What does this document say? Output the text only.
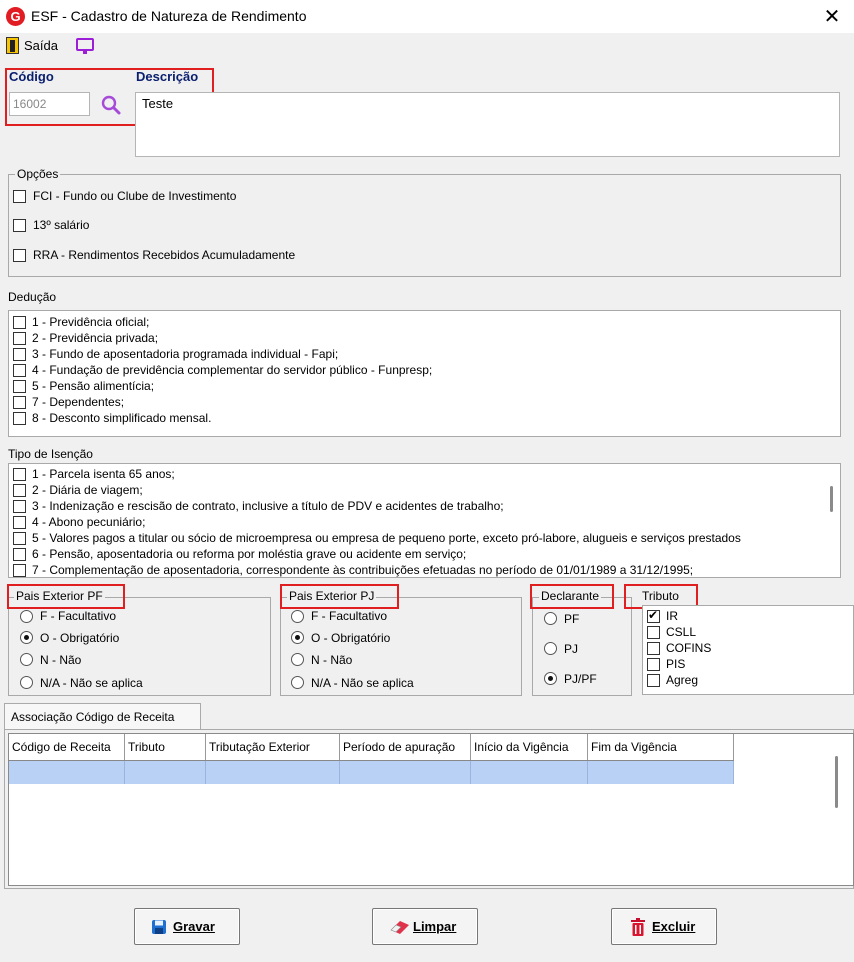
G ESF - Cadastro de Natureza de Rendimento	✕
Saída
Código	Descrição
16002	Teste
Opções
FCI - Fundo ou Clube de Investimento
13º salário
RRA - Rendimentos Recebidos Acumuladamente
Dedução
1 - Previdência oficial;
2 - Previdência privada;
3 - Fundo de aposentadoria programada individual - Fapi;
4 - Fundação de previdência complementar do servidor público - Funpresp;
5 - Pensão alimentícia;
7 - Dependentes;
8 - Desconto simplificado mensal.
Tipo de Isenção
1 - Parcela isenta 65 anos;
2 - Diária de viagem;
3 - Indenização e rescisão de contrato, inclusive a título de PDV e acidentes de trabalho;
4 - Abono pecuniário;
5 - Valores pagos a titular ou sócio de microempresa ou empresa de pequeno porte, exceto pró-labore, alugueis e serviços prestados
6 - Pensão, aposentadoria ou reforma por moléstia grave ou acidente em serviço;
7 - Complementação de aposentadoria, correspondente às contribuições efetuadas no período de 01/01/1989 a 31/12/1995;
Pais Exterior PF
F - Facultativo
O - Obrigatório
N - Não
N/A - Não se aplica
Pais Exterior PJ
F - Facultativo
O - Obrigatório
N - Não
N/A - Não se aplica
Declarante
PF
PJ
PJ/PF
Tributo
✔
IR
CSLL
COFINS
PIS
Agreg
Associação Código de Receita
Código de Receita	Tributo	Tributação Exterior	Período de apuração	Início da Vigência	Fim da Vigência
Gravar	Limpar	Excluir
